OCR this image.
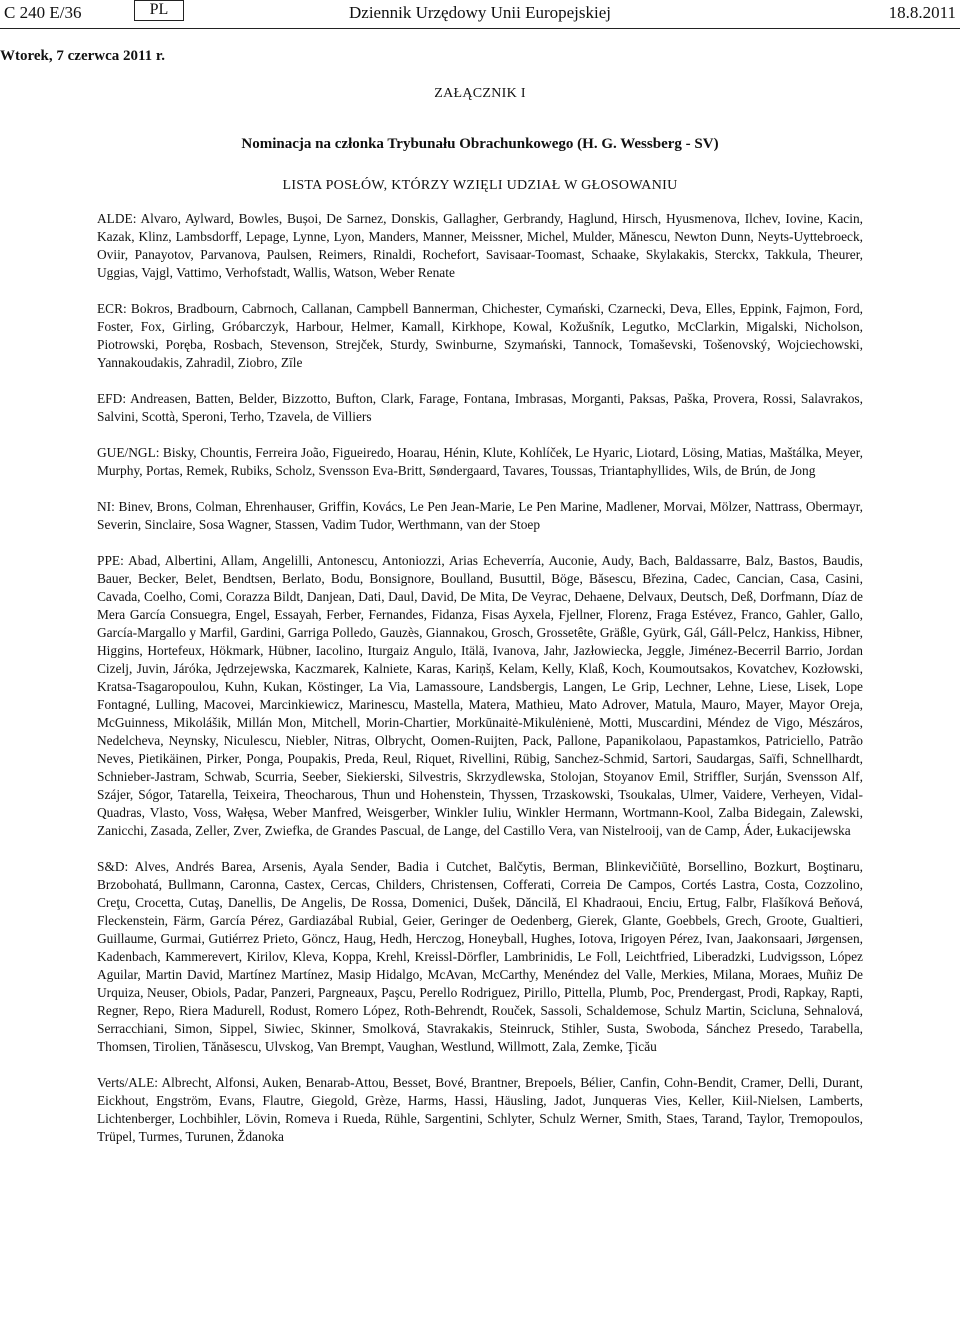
C 240 E/36	PL	Dziennik Urzędowy Unii Europejskiej	18.8.2011
Wtorek, 7 czerwca 2011 r.
ZAŁĄCZNIK I
Nominacja na członka Trybunału Obrachunkowego (H. G. Wessberg - SV)
LISTA POSŁÓW, KTÓRZY WZIĘLI UDZIAŁ W GŁOSOWANIU

ALDE : Alvaro, Aylward, Bowles, Bușoi, De Sarnez, Donskis, Gallagher, Gerbrandy, Haglund, Hirsch, Hyusmenova, Ilchev, Iovine, Kacin, Kazak, Klinz, Lambsdorff, Lepage, Lynne, Lyon, Manders, Manner, Meissner, Michel, Mulder, Mănescu, Newton Dunn, Neyts-Uyttebroeck, Oviir, Panayotov, Parvanova, Paulsen, Reimers, Rinaldi, Rochefort, Savisaar-Toomast, Schaake, Skylakakis, Sterckx, Takkula, Theurer, Uggias, Vajgl, Vattimo, Verhofstadt, Wallis, Watson, Weber Renate

ECR : Bokros, Bradbourn, Cabrnoch, Callanan, Campbell Bannerman, Chichester, Cymański, Czarnecki, Deva, Elles, Eppink, Fajmon, Ford, Foster, Fox, Girling, Gróbarczyk, Harbour, Helmer, Kamall, Kirkhope, Kowal, Kožušník, Legutko, McClarkin, Migalski, Nicholson, Piotrowski, Poręba, Rosbach, Stevenson, Strejček, Sturdy, Swinburne, Szymański, Tannock, Tomaševski, Tošenovský, Wojciechowski, Yannakoudakis, Zahradil, Ziobro, Zīle

EFD : Andreasen, Batten, Belder, Bizzotto, Bufton, Clark, Farage, Fontana, Imbrasas, Morganti, Paksas, Paška, Provera, Rossi, Salavrakos, Salvini, Scottà, Speroni, Terho, Tzavela, de Villiers

GUE/NGL : Bisky, Chountis, Ferreira João, Figueiredo, Hoarau, Hénin, Klute, Kohlíček, Le Hyaric, Liotard, Lösing, Matias, Maštálka, Meyer, Murphy, Portas, Remek, Rubiks, Scholz, Svensson Eva-Britt, Søndergaard, Tavares, Toussas, Triantaphyllides, Wils, de Brún, de Jong

NI : Binev, Brons, Colman, Ehrenhauser, Griffin, Kovács, Le Pen Jean-Marie, Le Pen Marine, Madlener, Morvai, Mölzer, Nattrass, Obermayr, Severin, Sinclaire, Sosa Wagner, Stassen, Vadim Tudor, Werthmann, van der Stoep

PPE : Abad, Albertini, Allam, Angelilli, Antonescu, Antoniozzi, Arias Echeverría, Auconie, Audy, Bach, Baldassarre, Balz, Bastos, Baudis, Bauer, Becker, Belet, Bendtsen, Berlato, Bodu, Bonsignore, Boulland, Busuttil, Böge, Băsescu, Březina, Cadec, Cancian, Casa, Casini, Cavada, Coelho, Comi, Corazza Bildt, Danjean, Dati, Daul, David, De Mita, De Veyrac, Dehaene, Delvaux, Deutsch, Deß, Dorfmann, Díaz de Mera García Consuegra, Engel, Essayah, Ferber, Fernandes, Fidanza, Fisas Ayxela, Fjellner, Florenz, Fraga Estévez, Franco, Gahler, Gallo, García-Margallo y Marfil, Gardini, Garriga Polledo, Gauzès, Giannakou, Grosch, Grossetête, Gräßle, Gyürk, Gál, Gáll-Pelcz, Hankiss, Hibner, Higgins, Hortefeux, Hökmark, Hübner, Iacolino, Iturgaiz Angulo, Itälä, Ivanova, Jahr, Jazłowiecka, Jeggle, Jiménez-Becerril Barrio, Jordan Cizelj, Juvin, Járóka, Jędrzejewska, Kaczmarek, Kalniete, Karas, Kariņš, Kelam, Kelly, Klaß, Koch, Koumoutsakos, Kovatchev, Kozłowski, Kratsa-Tsagaropoulou, Kuhn, Kukan, Köstinger, La Via, Lamassoure, Landsbergis, Langen, Le Grip, Lechner, Lehne, Liese, Lisek, Lope Fontagné, Lulling, Macovei, Marcinkiewicz, Marinescu, Mastella, Matera, Mathieu, Mato Adrover, Matula, Mauro, Mayer, Mayor Oreja, McGuinness, Mikolášik, Millán Mon, Mitchell, Morin-Chartier, Morkūnaitė-Mikulėnienė, Motti, Muscardini, Méndez de Vigo, Mészáros, Nedelcheva, Neynsky, Niculescu, Niebler, Nitras, Olbrycht, Oomen-Ruijten, Pack, Pallone, Papanikolaou, Papastamkos, Patriciello, Patrão Neves, Pietikäinen, Pirker, Ponga, Poupakis, Preda, Reul, Riquet, Rivellini, Rübig, Sanchez-Schmid, Sartori, Saudargas, Saïfi, Schnellhardt, Schnieber-Jastram, Schwab, Scurria, Seeber, Siekierski, Silvestris, Skrzydlewska, Stolojan, Stoyanov Emil, Striffler, Surján, Svensson Alf, Szájer, Sógor, Tatarella, Teixeira, Theocharous, Thun und Hohenstein, Thyssen, Trzaskowski, Tsoukalas, Ulmer, Vaidere, Verheyen, Vidal-Quadras, Vlasto, Voss, Wałęsa, Weber Manfred, Weisgerber, Winkler Iuliu, Winkler Hermann, Wortmann-Kool, Zalba Bidegain, Zalewski, Zanicchi, Zasada, Zeller, Zver, Zwiefka, de Grandes Pascual, de Lange, del Castillo Vera, van Nistelrooij, van de Camp, Áder, Łukacijewska

S&D : Alves, Andrés Barea, Arsenis, Ayala Sender, Badia i Cutchet, Balčytis, Berman, Blinkevičiūtė, Borsellino, Bozkurt, Boştinaru, Brzobohatá, Bullmann, Caronna, Castex, Cercas, Childers, Christensen, Cofferati, Correia De Campos, Cortés Lastra, Costa, Cozzolino, Creţu, Crocetta, Cutaş, Danellis, De Angelis, De Rossa, Domenici, Dušek, Dăncilă, El Khadraoui, Enciu, Ertug, Falbr, Flašíková Beňová, Fleckenstein, Färm, García Pérez, Gardiazábal Rubial, Geier, Geringer de Oedenberg, Gierek, Glante, Goebbels, Grech, Groote, Gualtieri, Guillaume, Gurmai, Gutiérrez Prieto, Göncz, Haug, Hedh, Herczog, Honeyball, Hughes, Iotova, Irigoyen Pérez, Ivan, Jaakonsaari, Jørgensen, Kadenbach, Kammerevert, Kirilov, Kleva, Koppa, Krehl, Kreissl-Dörfler, Lambrinidis, Le Foll, Leichtfried, Liberadzki, Ludvigsson, López Aguilar, Martin David, Martínez Martínez, Masip Hidalgo, McAvan, McCarthy, Menéndez del Valle, Merkies, Milana, Moraes, Muñiz De Urquiza, Neuser, Obiols, Padar, Panzeri, Pargneaux, Paşcu, Perello Rodriguez, Pirillo, Pittella, Plumb, Poc, Prendergast, Prodi, Rapkay, Rapti, Regner, Repo, Riera Madurell, Rodust, Romero López, Roth-Behrendt, Rouček, Sassoli, Schaldemose, Schulz Martin, Sciclunа, Sehnalová, Serracchiani, Simon, Sippel, Siwiec, Skinner, Smolková, Stavrakakis, Steinruck, Stihler, Susta, Swoboda, Sánchez Presedo, Tarabella, Thomsen, Tirolien, Tănăsescu, Ulvskog, Van Brempt, Vaughan, Westlund, Willmott, Zala, Zemke, Ţicău

Verts/ALE : Albrecht, Alfonsi, Auken, Benarab-Attou, Besset, Bové, Brantner, Brepoels, Bélier, Canfin, Cohn-Bendit, Cramer, Delli, Durant, Eickhout, Engström, Evans, Flautre, Giegold, Grèze, Harms, Hassi, Häusling, Jadot, Junqueras Vies, Keller, Kiil-Nielsen, Lamberts, Lichtenberger, Lochbihler, Lövin, Romeva i Rueda, Rühle, Sargentini, Schlyter, Schulz Werner, Smith, Staes, Tarand, Taylor, Tremopoulos, Trüpel, Turmes, Turunen, Ždanoka
